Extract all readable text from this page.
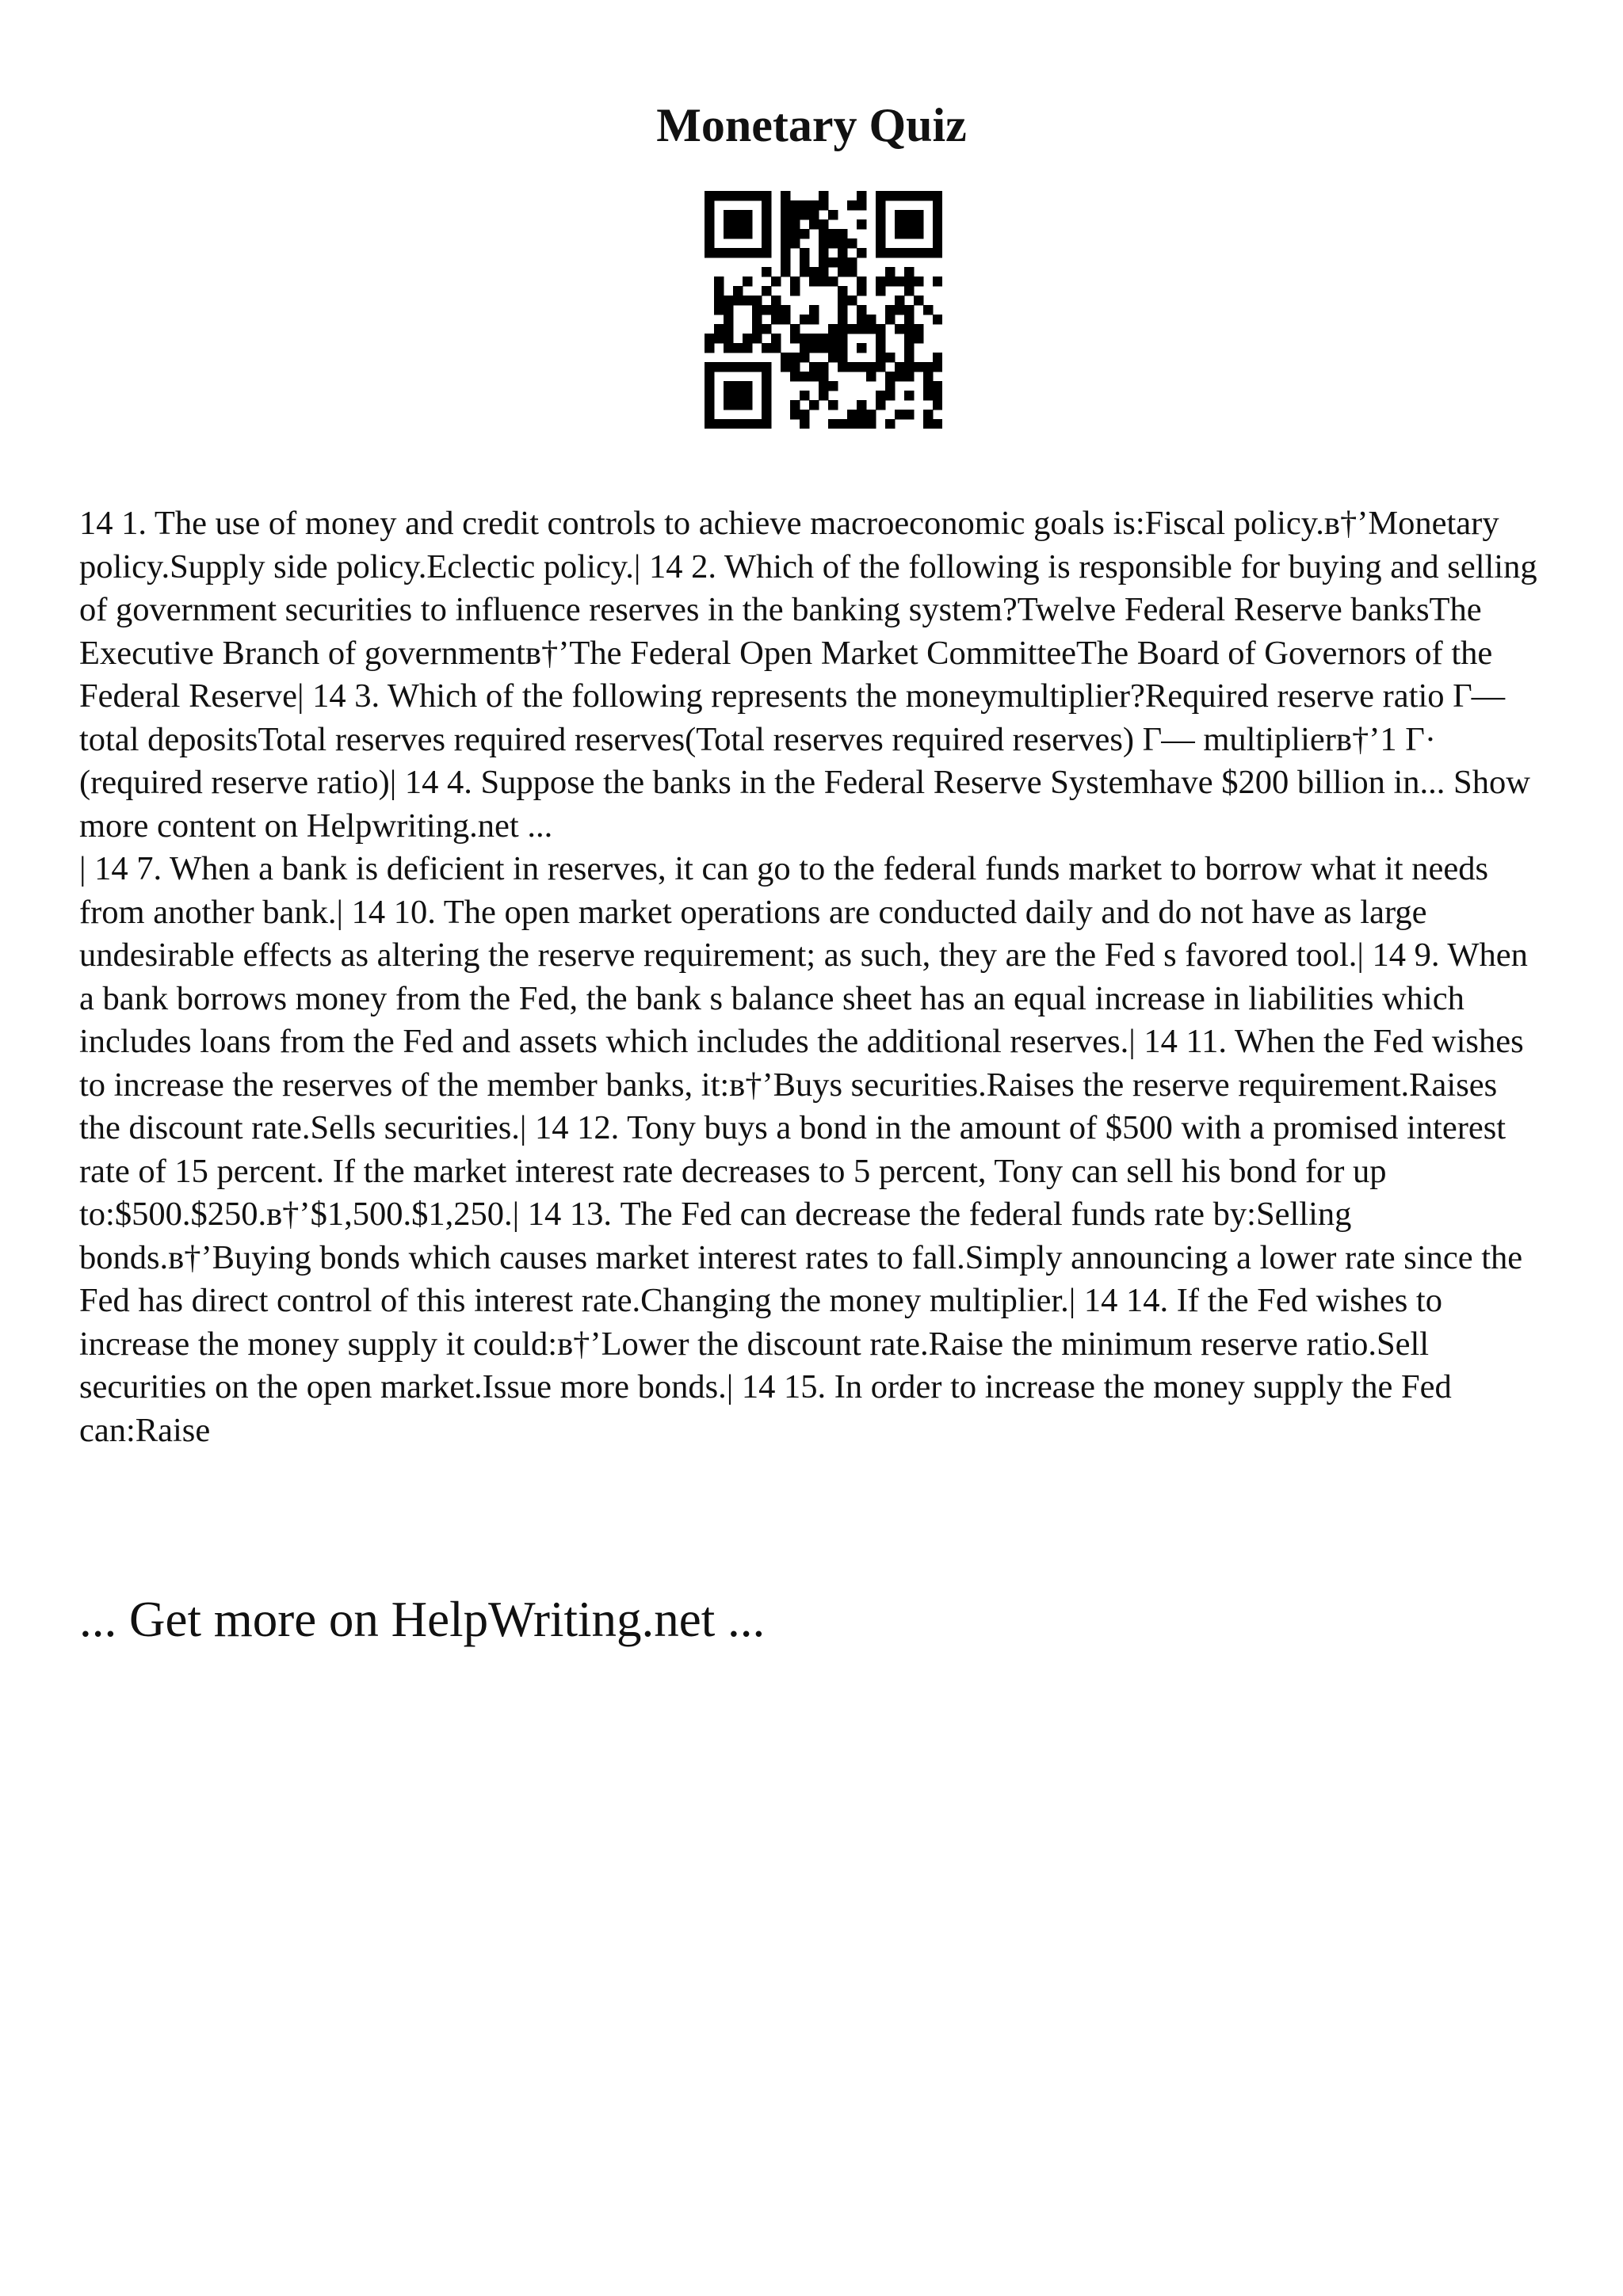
Monetary Quiz

14 1. The use of money and credit controls to achieve macroeconomic goals is:Fiscal policy.в†’Monetary policy.Supply side policy.Eclectic policy.| 14 2. Which of the following is responsible for buying and selling of government securities to influence reserves in the banking system?Twelve Federal Reserve banksThe Executive Branch of governmentв†’The Federal Open Market CommitteeThe Board of Governors of the Federal Reserve| 14 3. Which of the following represents the moneymultiplier?Required reserve ratio Г— total depositsTotal reserves required reserves(Total reserves required reserves) Г— multiplierв†’1 Г· (required reserve ratio)| 14 4. Suppose the banks in the Federal Reserve Systemhave $200 billion in... Show more content on Helpwriting.net ...

| 14 7. When a bank is deficient in reserves, it can go to the federal funds market to borrow what it needs from another bank.| 14 10. The open market operations are conducted daily and do not have as large undesirable effects as altering the reserve requirement; as such, they are the Fed s favored tool.| 14 9. When a bank borrows money from the Fed, the bank s balance sheet has an equal increase in liabilities which includes loans from the Fed and assets which includes the additional reserves.| 14 11. When the Fed wishes to increase the reserves of the member banks, it:в†’Buys securities.Raises the reserve requirement.Raises the discount rate.Sells securities.| 14 12. Tony buys a bond in the amount of $500 with a promised interest rate of 15 percent. If the market interest rate decreases to 5 percent, Tony can sell his bond for up to:$500.$250.в†’$1,500.$1,250.| 14 13. The Fed can decrease the federal funds rate by:Selling bonds.в†’Buying bonds which causes market interest rates to fall.Simply announcing a lower rate since the Fed has direct control of this interest rate.Changing the money multiplier.| 14 14. If the Fed wishes to increase the money supply it could:в†’Lower the discount rate.Raise the minimum reserve ratio.Sell securities on the open market.Issue more bonds.| 14 15. In order to increase the money supply the Fed can:Raise

... Get more on HelpWriting.net ...
